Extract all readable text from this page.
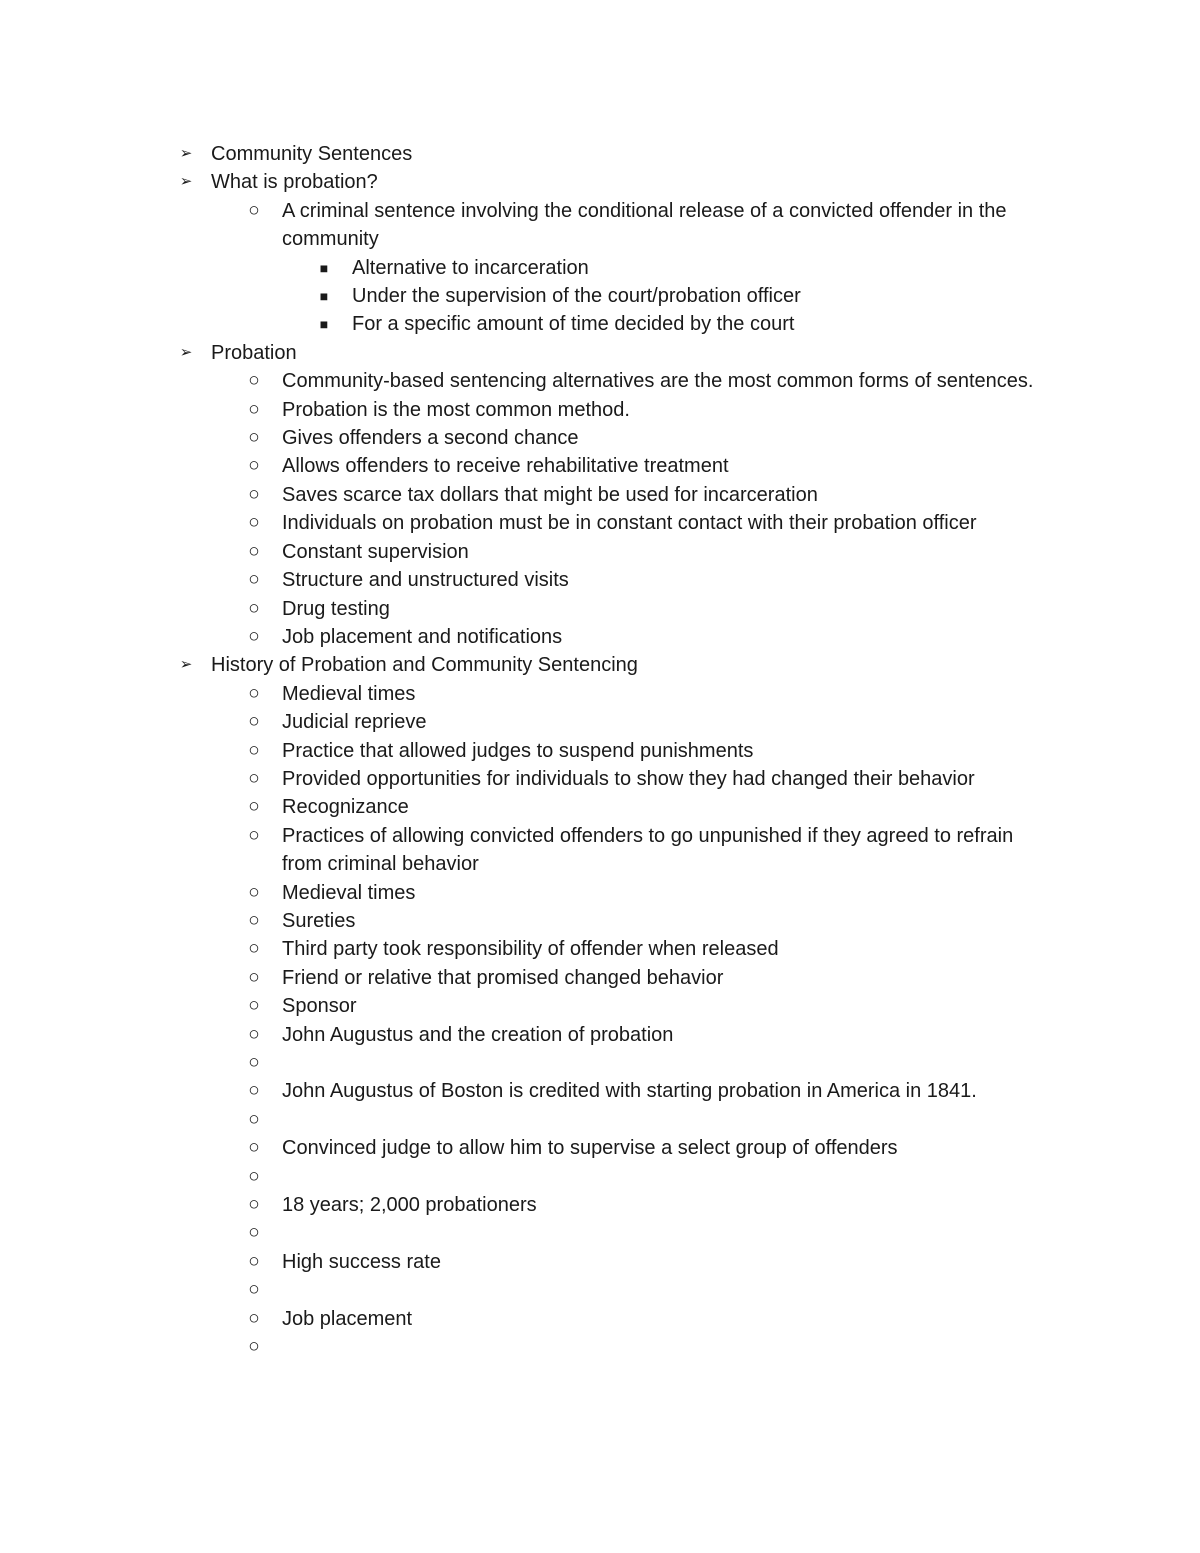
➢ Community Sentences
➢ What is probation?
○ A criminal sentence involving the conditional release of a convicted offender in the community
■ Alternative to incarceration
■ Under the supervision of the court/probation officer
■ For a specific amount of time decided by the court
➢ Probation
○ Community-based sentencing alternatives are the most common forms of sentences.
○ Probation is the most common method.
○ Gives offenders a second chance
○ Allows offenders to receive rehabilitative treatment
○ Saves scarce tax dollars that might be used for incarceration
○ Individuals on probation must be in constant contact with their probation officer
○ Constant supervision
○ Structure and unstructured visits
○ Drug testing
○ Job placement and notifications
➢ History of Probation and Community Sentencing
○ Medieval times
○ Judicial reprieve
○ Practice that allowed judges to suspend punishments
○ Provided opportunities for individuals to show they had changed their behavior
○ Recognizance
○ Practices of allowing convicted offenders to go unpunished if they agreed to refrain from criminal behavior
○ Medieval times
○ Sureties
○ Third party took responsibility of offender when released
○ Friend or relative that promised changed behavior
○ Sponsor
○ John Augustus and the creation of probation
○
○ John Augustus of Boston is credited with starting probation in America in 1841.
○
○ Convinced judge to allow him to supervise a select group of offenders
○
○ 18 years; 2,000 probationers
○
○ High success rate
○
○ Job placement
○
